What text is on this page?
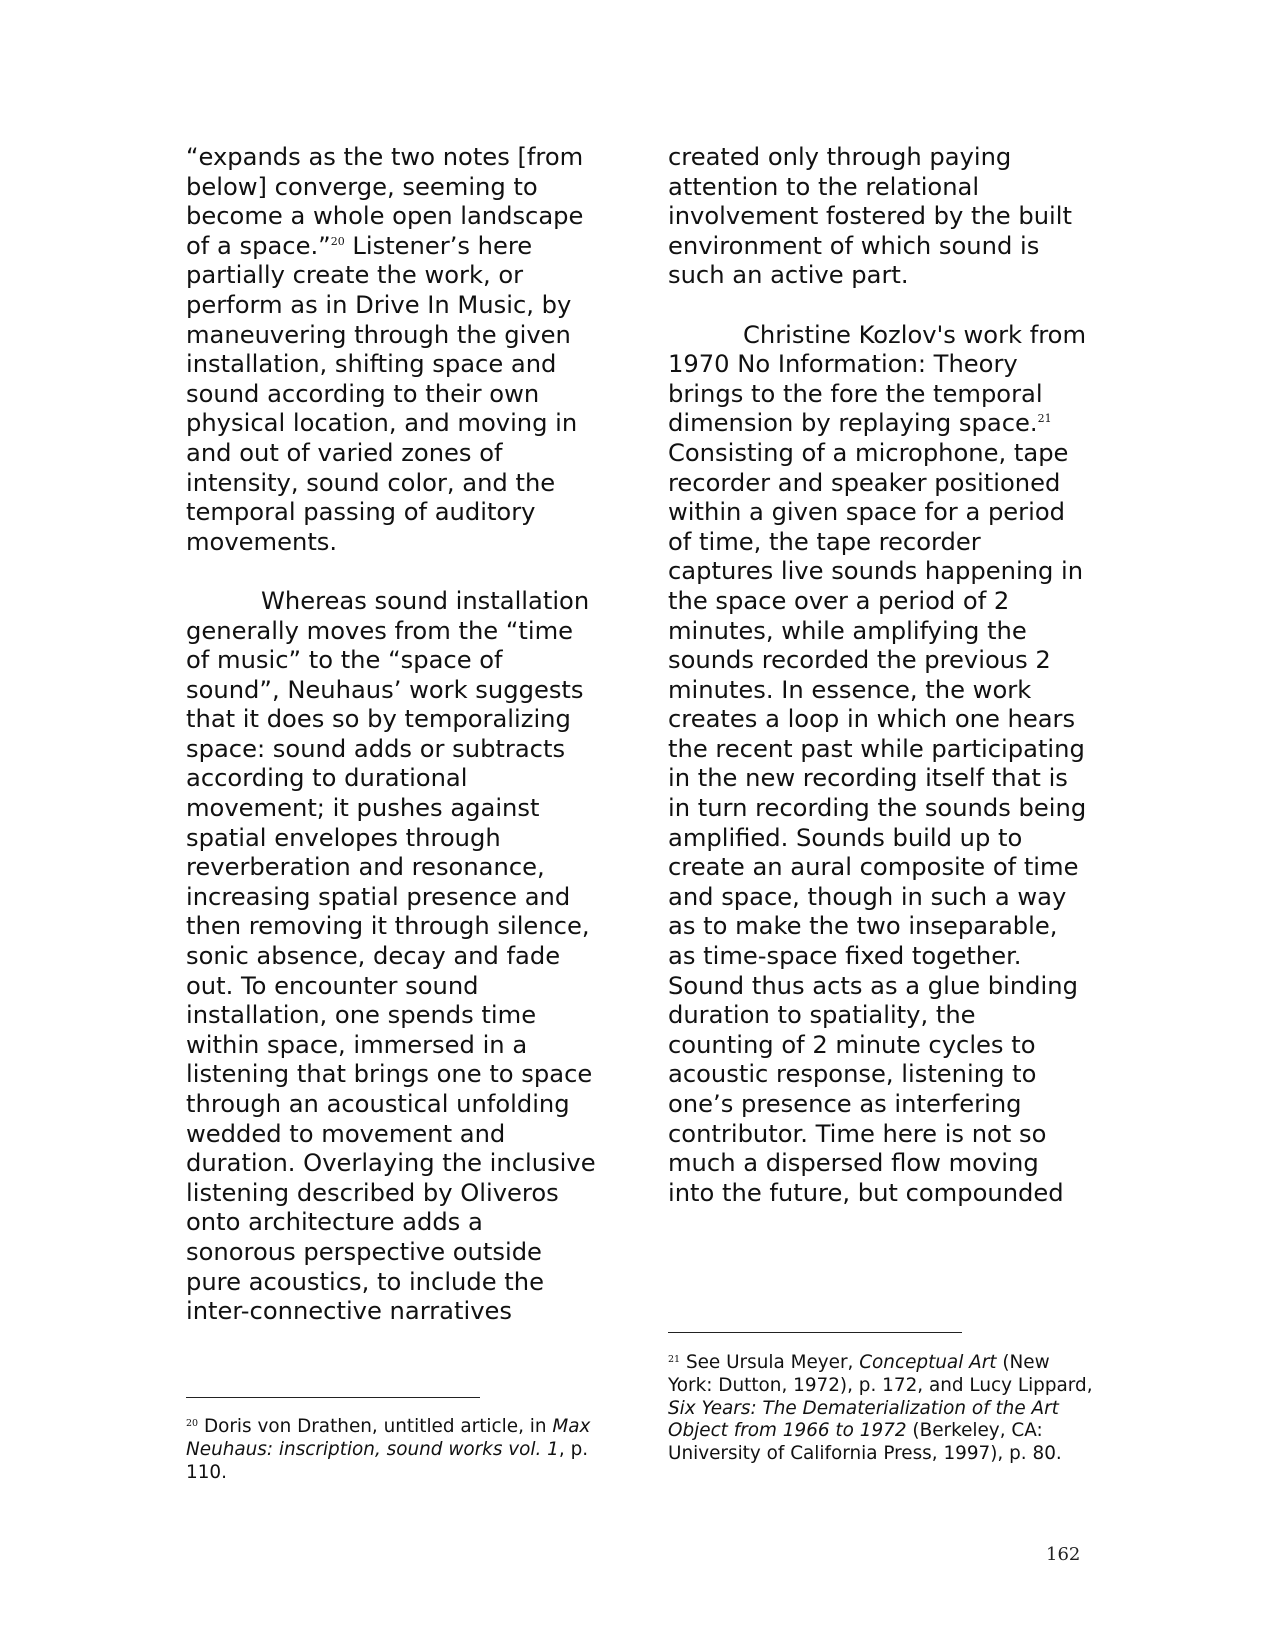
“expands as the two notes [from below] converge, seeming to become a whole open landscape of a space.”$^{20}$ Listener’s here partially create the work, or perform as in Drive In Music, by maneuvering through the given installation, shifting space and sound according to their own physical location, and moving in and out of varied zones of intensity, sound color, and the temporal passing of auditory movements.

Whereas sound installation generally moves from the “time of music” to the “space of sound”, Neuhaus’ work suggests that it does so by temporalizing space: sound adds or subtracts according to durational movement; it pushes against spatial envelopes through reverberation and resonance, increasing spatial presence and then removing it through silence, sonic absence, decay and fade out. To encounter sound installation, one spends time within space, immersed in a listening that brings one to space through an acoustical unfolding wedded to movement and duration. Overlaying the inclusive listening described by Oliveros onto architecture adds a sonorous perspective outside pure acoustics, to include the inter-connective narratives

$^{20}$ Doris von Drathen, untitled article, in Max Neuhaus: inscription, sound works vol. 1, p. 110.

created only through paying attention to the relational involvement fostered by the built environment of which sound is such an active part.

Christine Kozlov's work from 1970 No Information: Theory brings to the fore the temporal dimension by replaying space.$^{21}$ Consisting of a microphone, tape recorder and speaker positioned within a given space for a period of time, the tape recorder captures live sounds happening in the space over a period of 2 minutes, while amplifying the sounds recorded the previous 2 minutes. In essence, the work creates a loop in which one hears the recent past while participating in the new recording itself that is in turn recording the sounds being amplified. Sounds build up to create an aural composite of time and space, though in such a way as to make the two inseparable, as time-space fixed together. Sound thus acts as a glue binding duration to spatiality, the counting of 2 minute cycles to acoustic response, listening to one’s presence as interfering contributor. Time here is not so much a dispersed flow moving into the future, but compounded

$^{21}$ See Ursula Meyer, Conceptual Art (New York: Dutton, 1972), p. 172, and Lucy Lippard, Six Years: The Dematerialization of the Art Object from 1966 to 1972 (Berkeley, CA: University of California Press, 1997), p. 80.

162
